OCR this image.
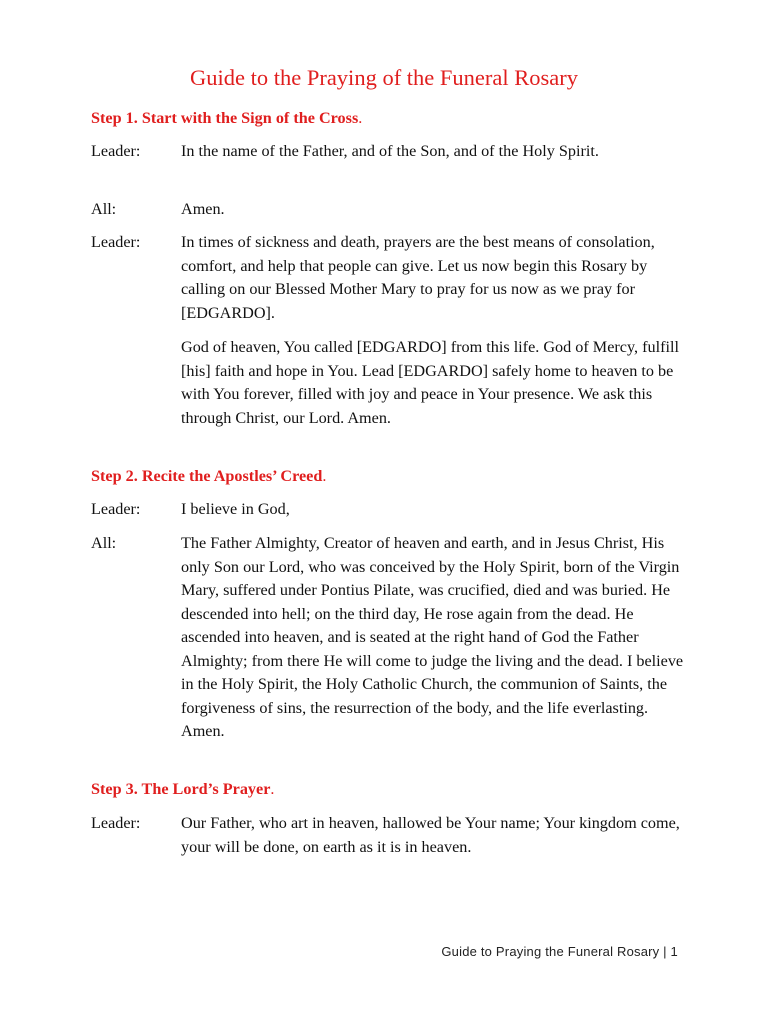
Guide to the Praying of the Funeral Rosary
Step 1. Start with the Sign of the Cross.
Leader:	In the name of the Father, and of the Son, and of the Holy Spirit.
All:	Amen.
Leader:	In times of sickness and death, prayers are the best means of consolation, comfort, and help that people can give. Let us now begin this Rosary by calling on our Blessed Mother Mary to pray for us now as we pray for [EDGARDO].
God of heaven, You called [EDGARDO] from this life. God of Mercy, fulfill [his] faith and hope in You. Lead [EDGARDO] safely home to heaven to be with You forever, filled with joy and peace in Your presence. We ask this through Christ, our Lord. Amen.
Step 2. Recite the Apostles’ Creed.
Leader:	I believe in God,
All:	The Father Almighty, Creator of heaven and earth, and in Jesus Christ, His only Son our Lord, who was conceived by the Holy Spirit, born of the Virgin Mary, suffered under Pontius Pilate, was crucified, died and was buried. He descended into hell; on the third day, He rose again from the dead. He ascended into heaven, and is seated at the right hand of God the Father Almighty; from there He will come to judge the living and the dead. I believe in the Holy Spirit, the Holy Catholic Church, the communion of Saints, the forgiveness of sins, the resurrection of the body, and the life everlasting. Amen.
Step 3. The Lord’s Prayer.
Leader:	Our Father, who art in heaven, hallowed be Your name; Your kingdom come, your will be done, on earth as it is in heaven.
Guide to Praying the Funeral Rosary | 1
